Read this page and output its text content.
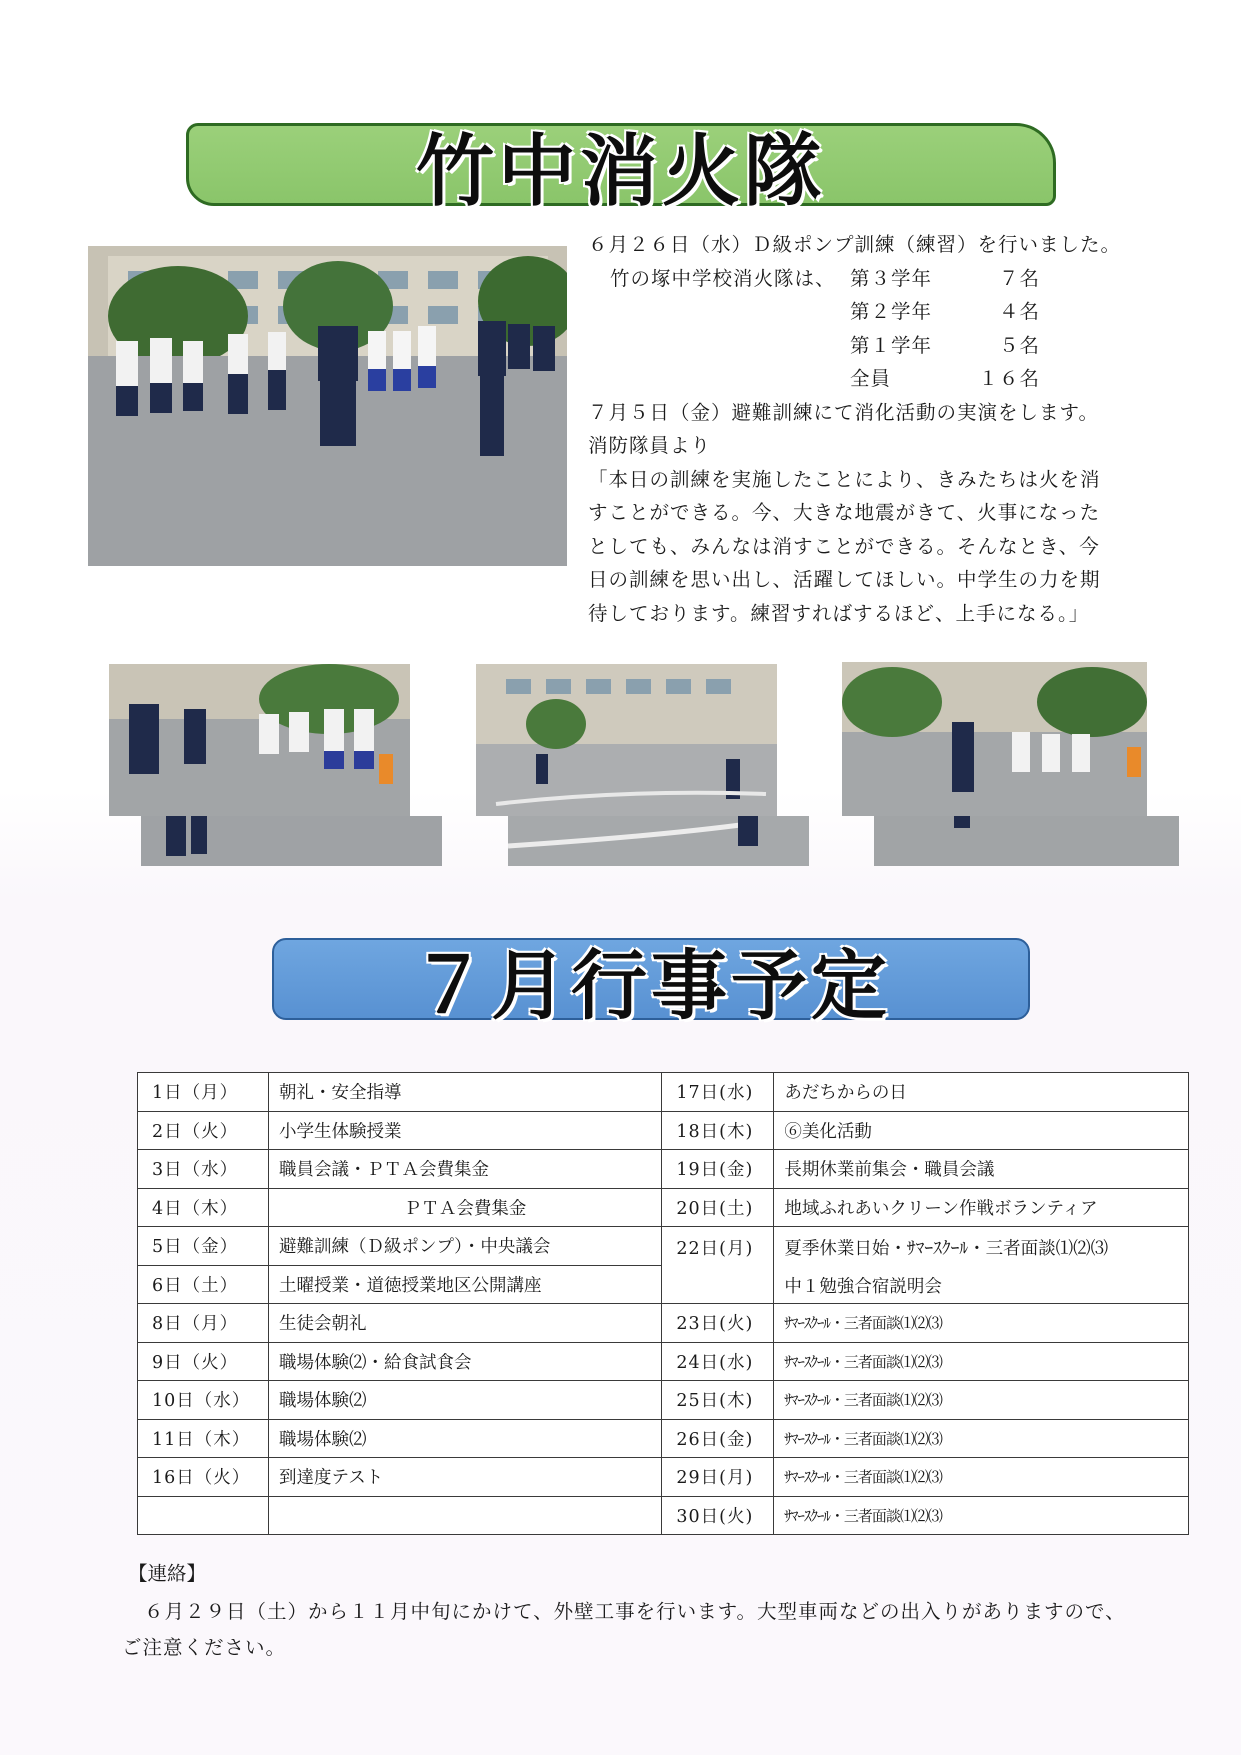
竹中消火隊
６月２６日（水）Ｄ級ポンプ訓練（練習）を行いました。
竹の塚中学校消火隊は、 第３学年	７名
第２学年	４名
第１学年	５名
全員	１６名
７月５日（金）避難訓練にて消化活動の実演をします。
消防隊員より
「本日の訓練を実施したことにより、きみたちは火を消
すことができる。今、大きな地震がきて、火事になった
としても、みんなは消すことができる。そんなとき、今
日の訓練を思い出し、活躍してほしい。中学生の力を期
待しております。練習すればするほど、上手になる。」
７月行事予定
1日（月）	朝礼・安全指導	17日(水)	あだちからの日
2日（火）	小学生体験授業	18日(木)	⑥美化活動
3日（水）	職員会議・ＰＴＡ会費集金	19日(金)	長期休業前集会・職員会議
4日（木）	ＰＴＡ会費集金	20日(土)	地域ふれあいクリーン作戦ボランティア
5日（金）	避難訓練（Ｄ級ポンプ）・中央議会	22日(月)	夏季休業日始・ｻﾏｰｽｸｰﾙ・三者面談⑴⑵⑶
中１勉強合宿説明会

6日（土）	土曜授業・道徳授業地区公開講座		
8日（月）	生徒会朝礼	23日(火)	ｻﾏｰｽｸｰﾙ・三者面談⑴⑵⑶
9日（火）	職場体験⑵・給食試食会	24日(水)	ｻﾏｰｽｸｰﾙ・三者面談⑴⑵⑶
10日（水）	職場体験⑵	25日(木)	ｻﾏｰｽｸｰﾙ・三者面談⑴⑵⑶
11日（木）	職場体験⑵	26日(金)	ｻﾏｰｽｸｰﾙ・三者面談⑴⑵⑶
16日（火）	到達度テスト	29日(月)	ｻﾏｰｽｸｰﾙ・三者面談⑴⑵⑶
		30日(火)	ｻﾏｰｽｸｰﾙ・三者面談⑴⑵⑶
【連絡】
６月２９日（土）から１１月中旬にかけて、外壁工事を行います。大型車両などの出入りがありますので、
ご注意ください。
